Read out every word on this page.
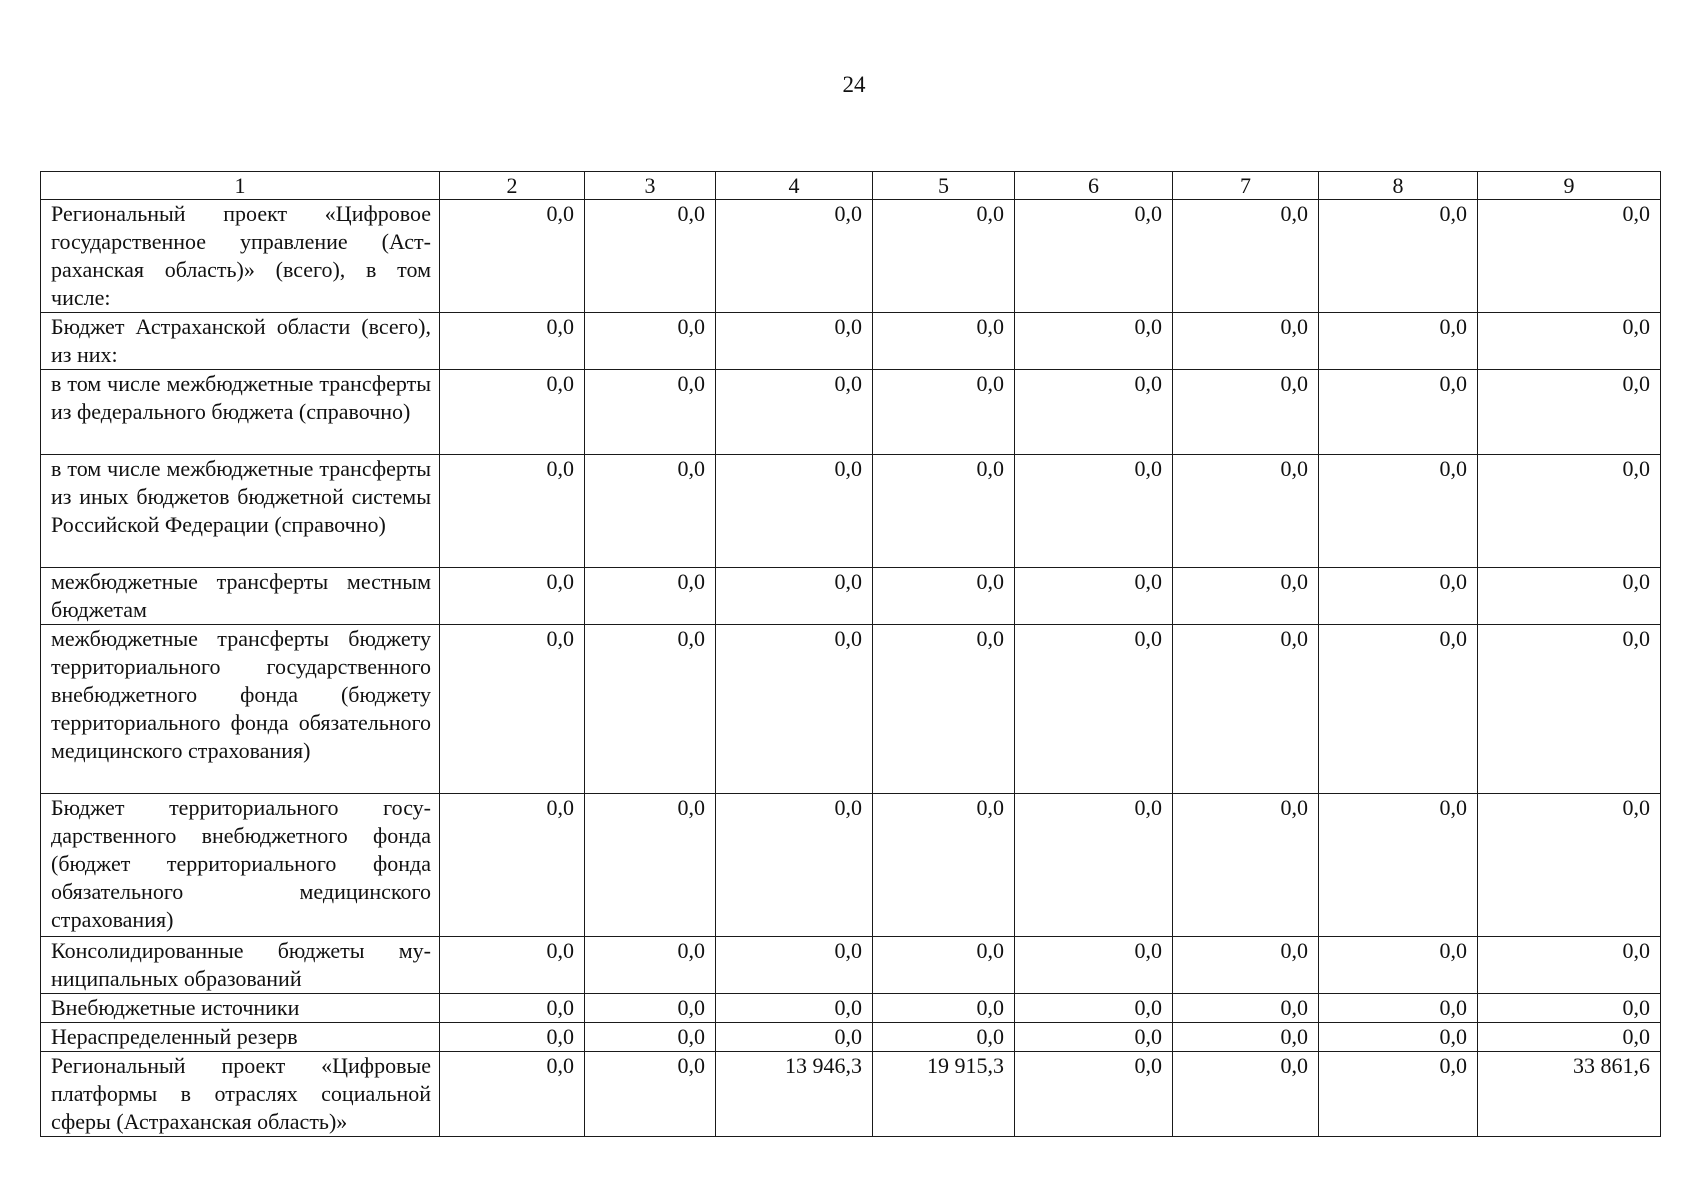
24
1	2	3	4	5	6	7	8	9
Региональный проект «Цифровое государственное управление (Астраханская область)» (всего), в том числе:	0,0	0,0	0,0	0,0	0,0	0,0	0,0	0,0
Бюджет Астраханской области (всего), из них:	0,0	0,0	0,0	0,0	0,0	0,0	0,0	0,0
в том числе межбюджетные трансферты из федерального бюджета (справочно)	0,0	0,0	0,0	0,0	0,0	0,0	0,0	0,0
в том числе межбюджетные трансферты из иных бюджетов бюджетной системы Российской Федерации (справочно)	0,0	0,0	0,0	0,0	0,0	0,0	0,0	0,0
межбюджетные трансферты местным бюджетам	0,0	0,0	0,0	0,0	0,0	0,0	0,0	0,0
межбюджетные трансферты бюджету территориального государственного внебюджетного фонда (бюджету территориального фонда обязательного медицинского страхования)	0,0	0,0	0,0	0,0	0,0	0,0	0,0	0,0
Бюджет территориального государственного внебюджетного фонда (бюджет территориального фонда обязательного медицинского страхования)	0,0	0,0	0,0	0,0	0,0	0,0	0,0	0,0
Консолидированные бюджеты муниципальных образований	0,0	0,0	0,0	0,0	0,0	0,0	0,0	0,0
Внебюджетные источники	0,0	0,0	0,0	0,0	0,0	0,0	0,0	0,0
Нераспределенный резерв	0,0	0,0	0,0	0,0	0,0	0,0	0,0	0,0
Региональный проект «Цифровые платформы в отраслях социальной сферы (Астраханская область)»	0,0	0,0	13 946,3	19 915,3	0,0	0,0	0,0	33 861,6
